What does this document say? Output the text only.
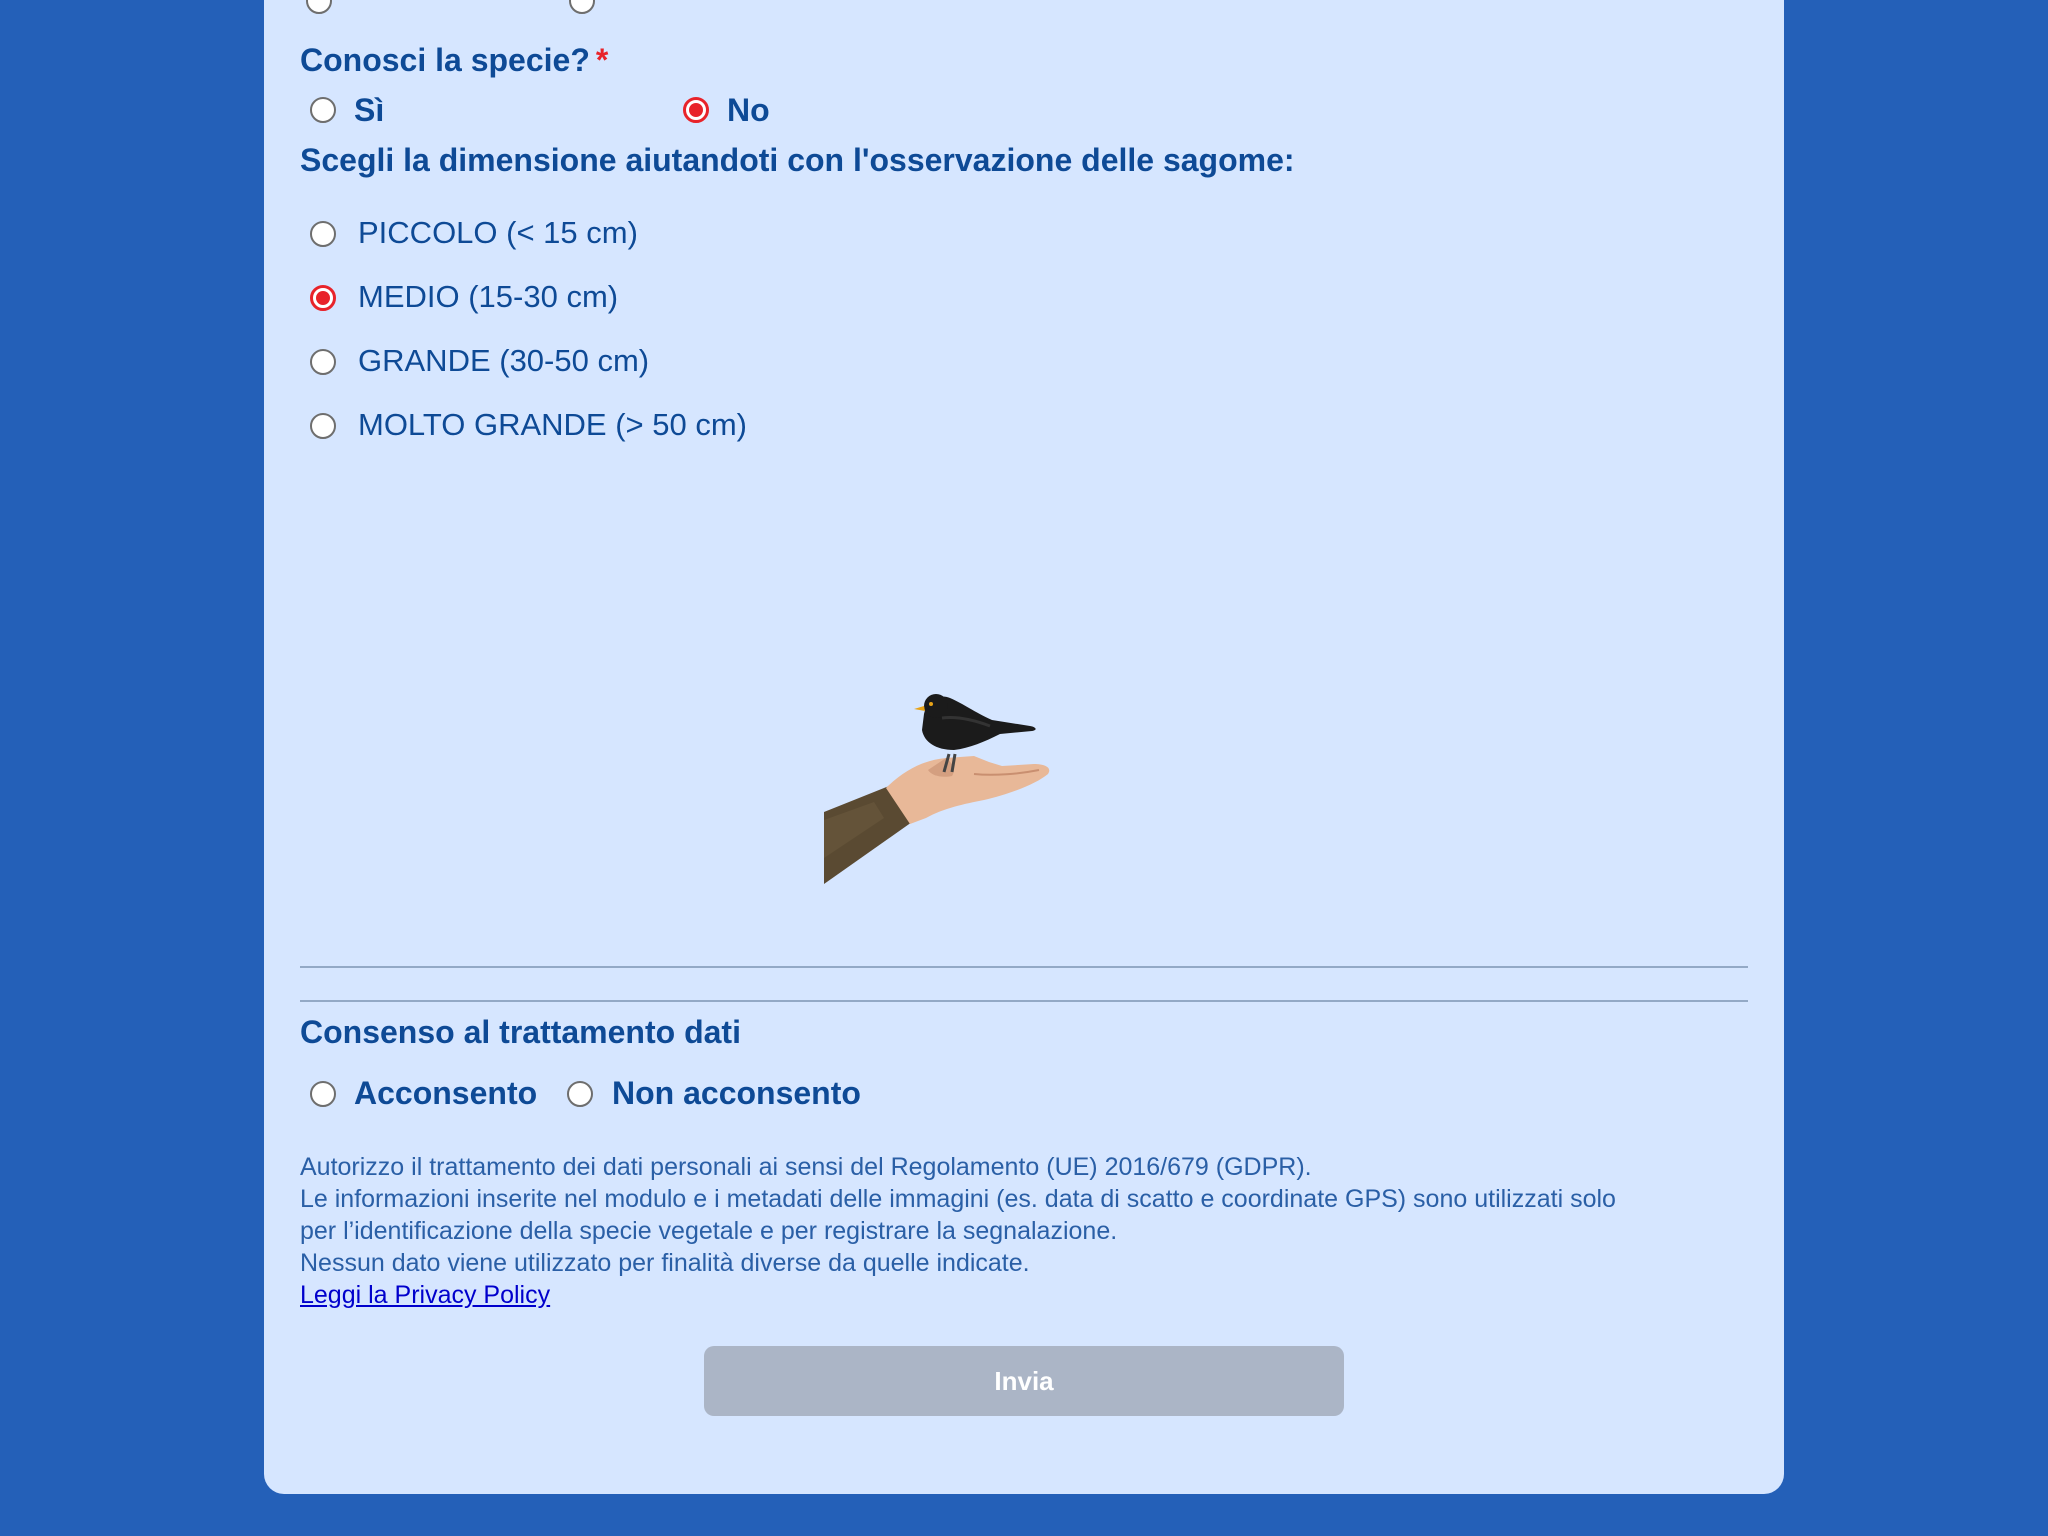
Conosci la specie? *
Sì	No
Scegli la dimensione aiutandoti con l'osservazione delle sagome:
PICCOLO (< 15 cm)
MEDIO (15-30 cm)
GRANDE (30-50 cm)
MOLTO GRANDE (> 50 cm)
Consenso al trattamento dati
Acconsento Non acconsento
Autorizzo il trattamento dei dati personali ai sensi del Regolamento (UE) 2016/679 (GDPR).
Le informazioni inserite nel modulo e i metadati delle immagini (es. data di scatto e coordinate GPS) sono utilizzati solo
per l’identificazione della specie vegetale e per registrare la segnalazione.
Nessun dato viene utilizzato per finalità diverse da quelle indicate.
Leggi la Privacy Policy
Invia
